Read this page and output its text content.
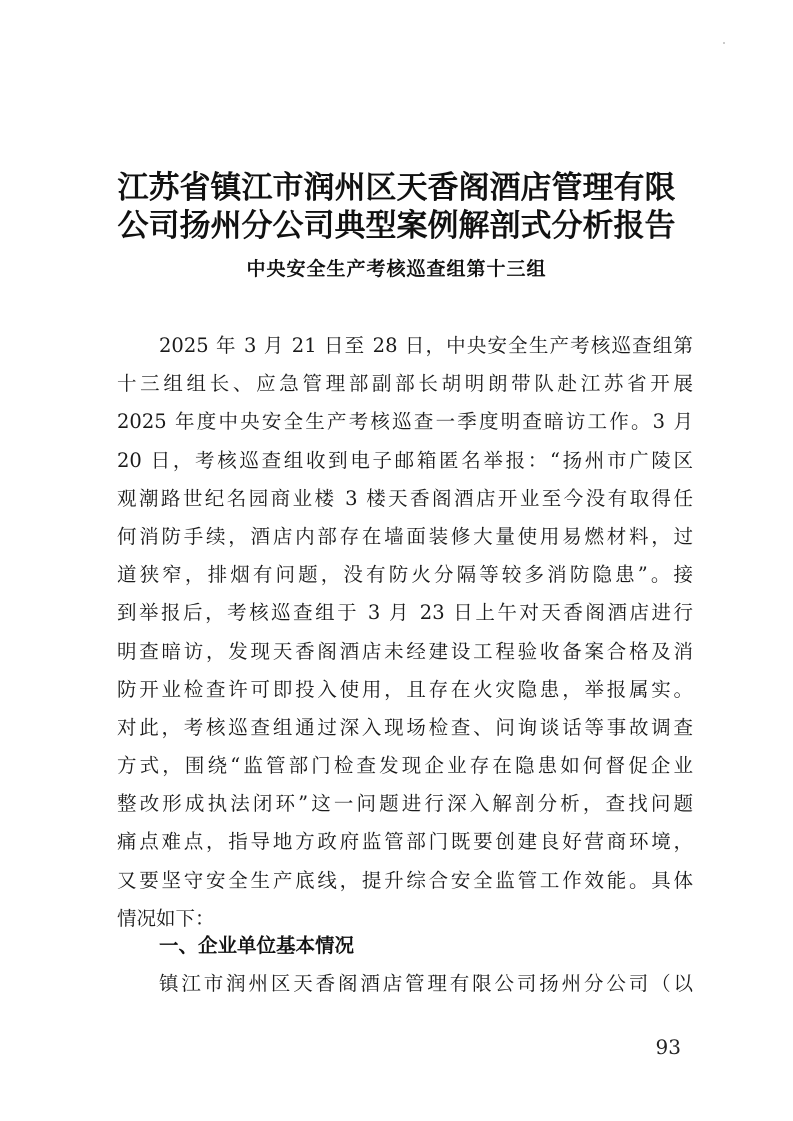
江苏省镇江市润州区天香阁酒店管理有限
公司扬州分公司典型案例解剖式分析报告
中央安全生产考核巡查组第十三组
2025 年 3 月 21 日至 28 日，中央安全生产考核巡查组第
十三组组长、应急管理部副部长胡明朗带队赴江苏省开展
2025 年度中央安全生产考核巡查一季度明查暗访工作。3 月
20 日，考核巡查组收到电子邮箱匿名举报：“扬州市广陵区
观潮路世纪名园商业楼 3 楼天香阁酒店开业至今没有取得任
何消防手续，酒店内部存在墙面装修大量使用易燃材料，过
道狭窄，排烟有问题，没有防火分隔等较多消防隐患”。接
到举报后，考核巡查组于 3 月 23 日上午对天香阁酒店进行
明查暗访，发现天香阁酒店未经建设工程验收备案合格及消
防开业检查许可即投入使用，且存在火灾隐患，举报属实。
对此，考核巡查组通过深入现场检查、问询谈话等事故调查
方式，围绕“监管部门检查发现企业存在隐患如何督促企业
整改形成执法闭环”这一问题进行深入解剖分析，查找问题
痛点难点，指导地方政府监管部门既要创建良好营商环境，
又要坚守安全生产底线，提升综合安全监管工作效能。具体
情况如下：
一、企业单位基本情况
镇江市润州区天香阁酒店管理有限公司扬州分公司（以
93
